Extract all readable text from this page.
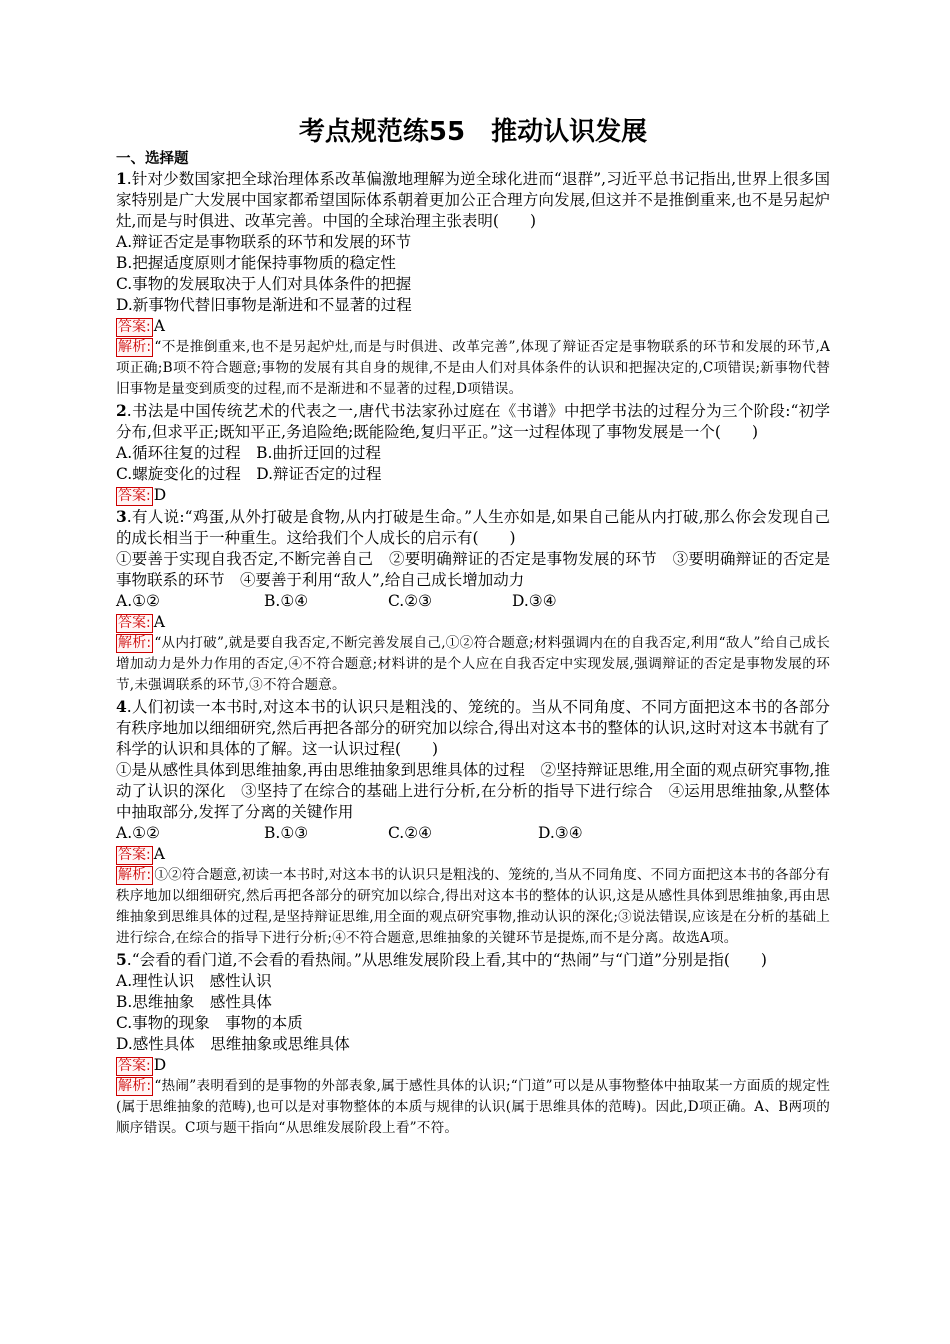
考点规范练55　推动认识发展
一、选择题
1.针对少数国家把全球治理体系改革偏激地理解为逆全球化进而“退群”,习近平总书记指出,世界上很多国家特别是广大发展中国家都希望国际体系朝着更加公正合理方向发展,但这并不是推倒重来,也不是另起炉灶,而是与时俱进、改革完善。中国的全球治理主张表明(　　)
A.辩证否定是事物联系的环节和发展的环节
B.把握适度原则才能保持事物质的稳定性
C.事物的发展取决于人们对具体条件的把握
D.新事物代替旧事物是渐进和不显著的过程
答案: A
解析: “不是推倒重来,也不是另起炉灶,而是与时俱进、改革完善”,体现了辩证否定是事物联系的环节和发展的环节,A项正确;B项不符合题意;事物的发展有其自身的规律,不是由人们对具体条件的认识和把握决定的,C项错误;新事物代替旧事物是量变到质变的过程,而不是渐进和不显著的过程,D项错误。
2.书法是中国传统艺术的代表之一,唐代书法家孙过庭在《书谱》中把学书法的过程分为三个阶段:“初学分布,但求平正;既知平正,务追险绝;既能险绝,复归平正。”这一过程体现了事物发展是一个(　　)
A.循环往复的过程　B.曲折迂回的过程
C.螺旋变化的过程　D.辩证否定的过程
答案: D
3.有人说:“鸡蛋,从外打破是食物,从内打破是生命。”人生亦如是,如果自己能从内打破,那么你会发现自己的成长相当于一种重生。这给我们个人成长的启示有(　　)
①要善于实现自我否定,不断完善自己　②要明确辩证的否定是事物发展的环节　③要明确辩证的否定是事物联系的环节　④要善于利用“敌人”,给自己成长增加动力
A.①②	B.①④	C.②③	D.③④
答案: A
解析: “从内打破”,就是要自我否定,不断完善发展自己,①②符合题意;材料强调内在的自我否定,利用“敌人”给自己成长增加动力是外力作用的否定,④不符合题意;材料讲的是个人应在自我否定中实现发展,强调辩证的否定是事物发展的环节,未强调联系的环节,③不符合题意。
4.人们初读一本书时,对这本书的认识只是粗浅的、笼统的。当从不同角度、不同方面把这本书的各部分有秩序地加以细细研究,然后再把各部分的研究加以综合,得出对这本书的整体的认识,这时对这本书就有了科学的认识和具体的了解。这一认识过程(　　)
①是从感性具体到思维抽象,再由思维抽象到思维具体的过程　②坚持辩证思维,用全面的观点研究事物,推动了认识的深化　③坚持了在综合的基础上进行分析,在分析的指导下进行综合　④运用思维抽象,从整体中抽取部分,发挥了分离的关键作用
A.①②	B.①③	C.②④	D.③④
答案: A
解析: ①②符合题意,初读一本书时,对这本书的认识只是粗浅的、笼统的,当从不同角度、不同方面把这本书的各部分有秩序地加以细细研究,然后再把各部分的研究加以综合,得出对这本书的整体的认识,这是从感性具体到思维抽象,再由思维抽象到思维具体的过程,是坚持辩证思维,用全面的观点研究事物,推动认识的深化;③说法错误,应该是在分析的基础上进行综合,在综合的指导下进行分析;④不符合题意,思维抽象的关键环节是提炼,而不是分离。故选A项。
5.“会看的看门道,不会看的看热闹。”从思维发展阶段上看,其中的“热闹”与“门道”分别是指(　　)
A.理性认识　感性认识
B.思维抽象　感性具体
C.事物的现象　事物的本质
D.感性具体　思维抽象或思维具体
答案: D
解析: “热闹”表明看到的是事物的外部表象,属于感性具体的认识;“门道”可以是从事物整体中抽取某一方面质的规定性(属于思维抽象的范畴),也可以是对事物整体的本质与规律的认识(属于思维具体的范畴)。因此,D项正确。A、B两项的顺序错误。C项与题干指向“从思维发展阶段上看”不符。
